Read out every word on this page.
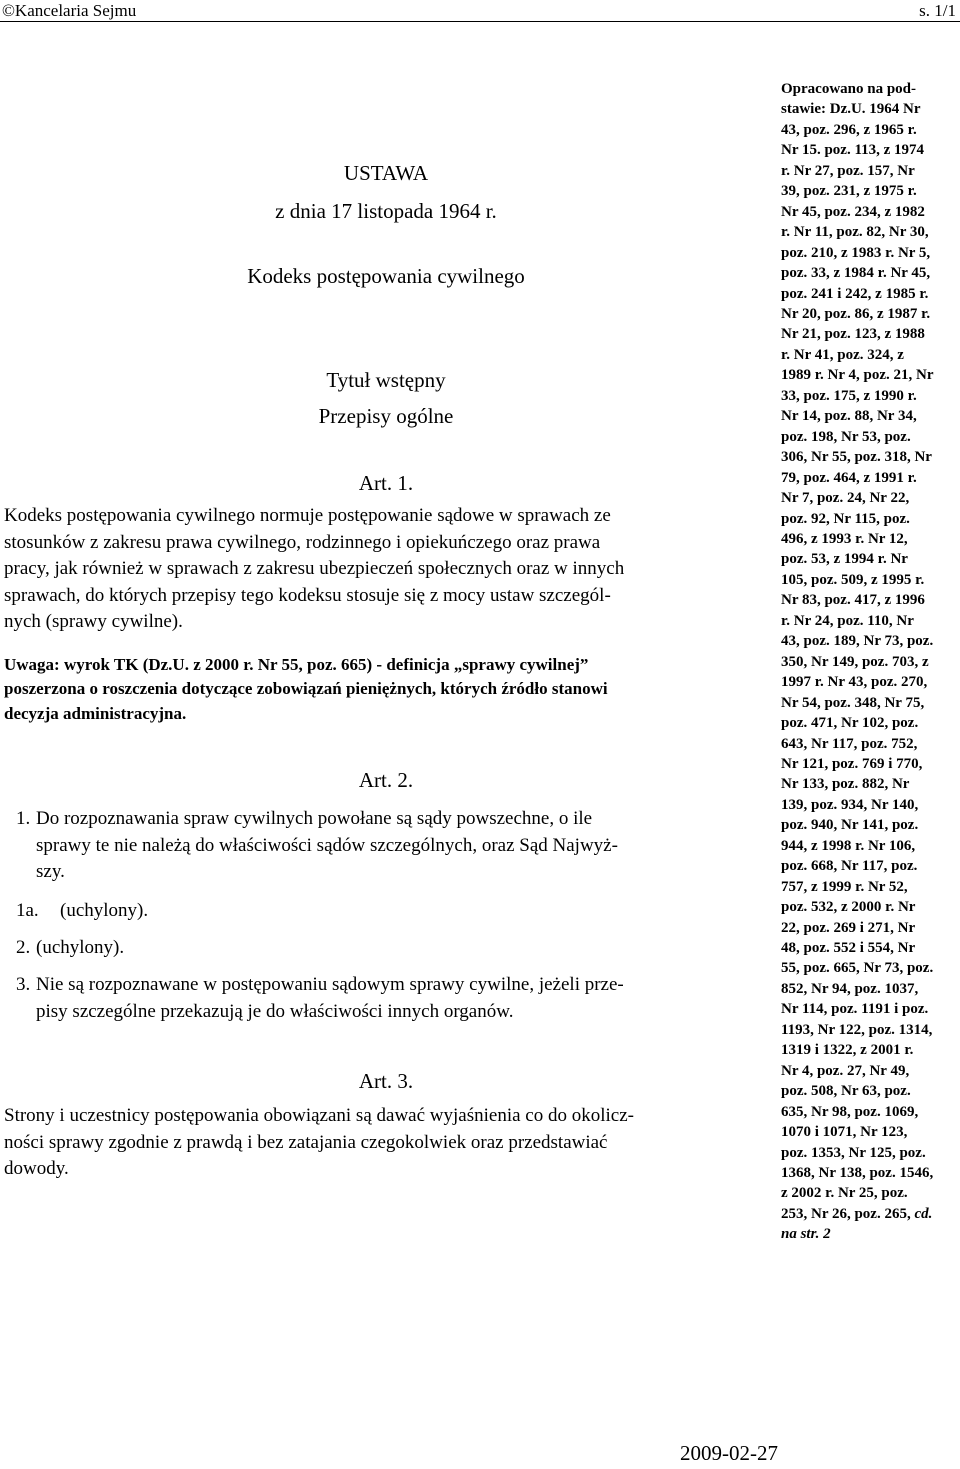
©Kancelaria Sejmu	s. 1/1
USTAWA
z dnia 17 listopada 1964 r.
Kodeks postępowania cywilnego
Tytuł wstępny
Przepisy ogólne
Art. 1.
Kodeks postępowania cywilnego normuje postępowanie sądowe w sprawach ze
stosunków z zakresu prawa cywilnego, rodzinnego i opiekuńczego oraz prawa
pracy, jak również w sprawach z zakresu ubezpieczeń społecznych oraz w innych
sprawach, do których przepisy tego kodeksu stosuje się z mocy ustaw szczegól-
nych (sprawy cywilne).
Uwaga: wyrok TK (Dz.U. z 2000 r. Nr 55, poz. 665) - definicja „sprawy cywilnej”
poszerzona o roszczenia dotyczące zobowiązań pieniężnych, których źródło stanowi
decyzja administracyjna.
Art. 2.
1. Do rozpoznawania spraw cywilnych powołane są sądy powszechne, o ile
sprawy te nie należą do właściwości sądów szczególnych, oraz Sąd Najwyż-
szy.
1a.	(uchylony).
2. (uchylony).
3. Nie są rozpoznawane w postępowaniu sądowym sprawy cywilne, jeżeli prze-
pisy szczególne przekazują je do właściwości innych organów.
Art. 3.
Strony i uczestnicy postępowania obowiązani są dawać wyjaśnienia co do okolicz-
ności sprawy zgodnie z prawdą i bez zatajania czegokolwiek oraz przedstawiać
dowody.
Opracowano na pod-
stawie: Dz.U. 1964 Nr
43, poz. 296, z 1965 r.
Nr 15. poz. 113, z 1974
r. Nr 27, poz. 157, Nr
39, poz. 231, z 1975 r.
Nr 45, poz. 234, z 1982
r. Nr 11, poz. 82, Nr 30,
poz. 210, z 1983 r. Nr 5,
poz. 33, z 1984 r. Nr 45,
poz. 241 i 242, z 1985 r.
Nr 20, poz. 86, z 1987 r.
Nr 21, poz. 123, z 1988
r. Nr 41, poz. 324, z
1989 r. Nr 4, poz. 21, Nr
33, poz. 175, z 1990 r.
Nr 14, poz. 88, Nr 34,
poz. 198, Nr 53, poz.
306, Nr 55, poz. 318, Nr
79, poz. 464, z 1991 r.
Nr 7, poz. 24, Nr 22,
poz. 92, Nr 115, poz.
496, z 1993 r. Nr 12,
poz. 53, z 1994 r. Nr
105, poz. 509, z 1995 r.
Nr 83, poz. 417, z 1996
r. Nr 24, poz. 110, Nr
43, poz. 189, Nr 73, poz.
350, Nr 149, poz. 703, z
1997 r. Nr 43, poz. 270,
Nr 54, poz. 348, Nr 75,
poz. 471, Nr 102, poz.
643, Nr 117, poz. 752,
Nr 121, poz. 769 i 770,
Nr 133, poz. 882, Nr
139, poz. 934, Nr 140,
poz. 940, Nr 141, poz.
944, z 1998 r. Nr 106,
poz. 668, Nr 117, poz.
757, z 1999 r. Nr 52,
poz. 532, z 2000 r. Nr
22, poz. 269 i 271, Nr
48, poz. 552 i 554, Nr
55, poz. 665, Nr 73, poz.
852, Nr 94, poz. 1037,
Nr 114, poz. 1191 i poz.
1193, Nr 122, poz. 1314,
1319 i 1322, z 2001 r.
Nr 4, poz. 27, Nr 49,
poz. 508, Nr 63, poz.
635, Nr 98, poz. 1069,
1070 i 1071, Nr 123,
poz. 1353, Nr 125, poz.
1368, Nr 138, poz. 1546,
z 2002 r. Nr 25, poz.
253, Nr 26, poz. 265, cd.
na str. 2
2009-02-27
